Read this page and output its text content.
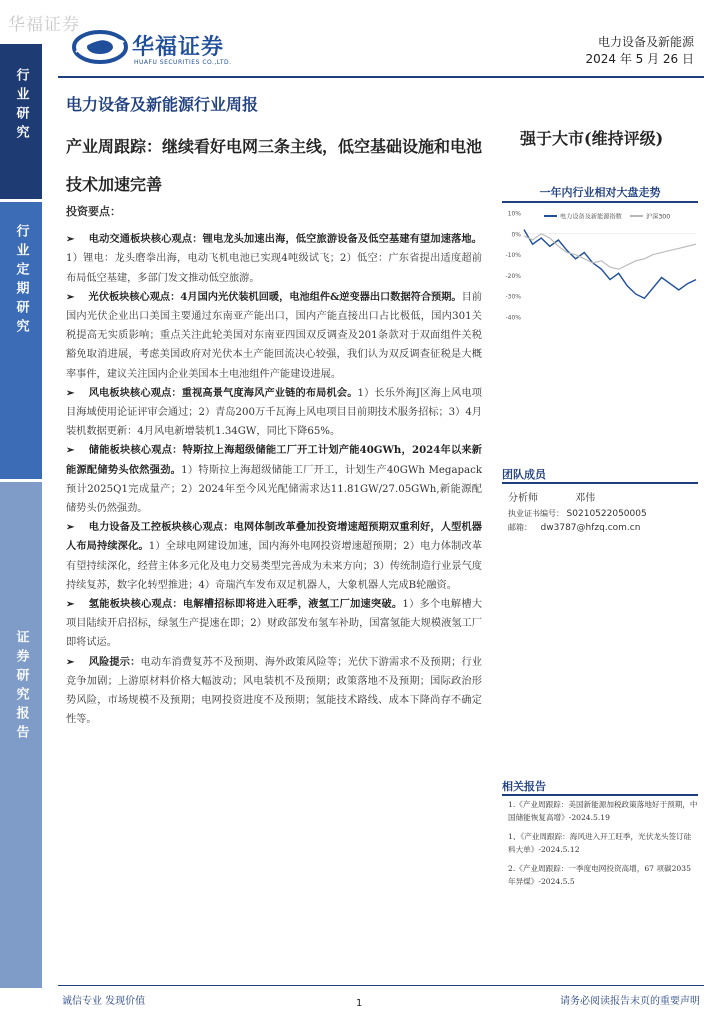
华福证券
华福证券
HUAFU SECURITIES CO.,LTD.
电力设备及新能源
2024 年 5 月 26 日
行业研究
行业定期研究
证券研究报告
电力设备及新能源行业周报
产业周跟踪：继续看好电网三条主线，低空基础设施和电池技术加速完善
强于大市(维持评级)
投资要点：
➢ 电动交通板块核心观点：锂电龙头加速出海，低空旅游设备及低空基建有望加速落地。1）锂电：龙头磨拳出海，电动飞机电池已实现4吨级试飞；2）低空：广东省提出适度超前布局低空基建，多部门发文推动低空旅游。
➢ 光伏板块核心观点：4月国内光伏装机回暖，电池组件&逆变器出口数据符合预期。目前国内光伏企业出口美国主要通过东南亚产能出口，国内产能直接出口占比极低，国内301关税提高无实质影响；重点关注此轮美国对东南亚四国双反调查及201条款对于双面组件关税豁免取消进展，考虑美国政府对光伏本土产能回流决心较强，我们认为双反调查征税是大概率事件，建议关注国内企业美国本土电池组件产能建设进展。
➢ 风电板块核心观点：重视高景气度海风产业链的布局机会。1）长乐外海J区海上风电项目海域使用论证评审会通过；2）青岛200万千瓦海上风电项目目前期技术服务招标；3）4月装机数据更新：4月风电新增装机1.34GW，同比下降65%。
➢ 储能板块核心观点：特斯拉上海超级储能工厂开工计划产能40GWh，2024年以来新能源配储势头依然强劲。1）特斯拉上海超级储能工厂开工，计划生产40GWh Megapack预计2025Q1完成量产；2）2024年至今风光配储需求达11.81GW/27.05GWh,新能源配储势头仍然强劲。
➢ 电力设备及工控板块核心观点：电网体制改革叠加投资增速超预期双重利好，人型机器人布局持续深化。1）全球电网建设加速，国内海外电网投资增速超预期；2）电力体制改革有望持续深化，经营主体多元化及电力交易类型完善成为未来方向；3）传统制造行业景气度持续复苏，数字化转型推进；4）奇瑞汽车发布双足机器人，大象机器人完成B轮融资。
➢ 氢能板块核心观点：电解槽招标即将进入旺季，液氢工厂加速突破。1）多个电解槽大项目陆续开启招标，绿氢生产提速在即；2）财政部发布氢车补助，国富氢能大规模液氢工厂即将试运。
➢ 风险提示：电动车消费复苏不及预期、海外政策风险等；光伏下游需求不及预期；行业竞争加剧；上游原材料价格大幅波动；风电装机不及预期；政策落地不及预期；国际政治形势风险，市场规模不及预期；电网投资进度不及预期；氢能技术路线、成本下降尚存不确定性等。
一年内行业相对大盘走势
10%
0%
-10%
-20%
-30%
-40%
电力设备及新能源指数	沪深300
团队成员
分析师	邓伟
执业证书编号： S0210522050005
邮箱： dw3787@hfzq.com.cn
相关报告
1.《产业周跟踪：美国新能源加税政策落地好于预期，中国储能恢复高增》-2024.5.19
1、《产业周跟踪：海风进入开工旺季，光伏龙头签订硅料大单》-2024.5.12
2.《产业周跟踪：一季度电网投资高增，67 项碳2035 年异煤》-2024.5.5
诚信专业 发现价值	1	请务必阅读报告末页的重要声明
